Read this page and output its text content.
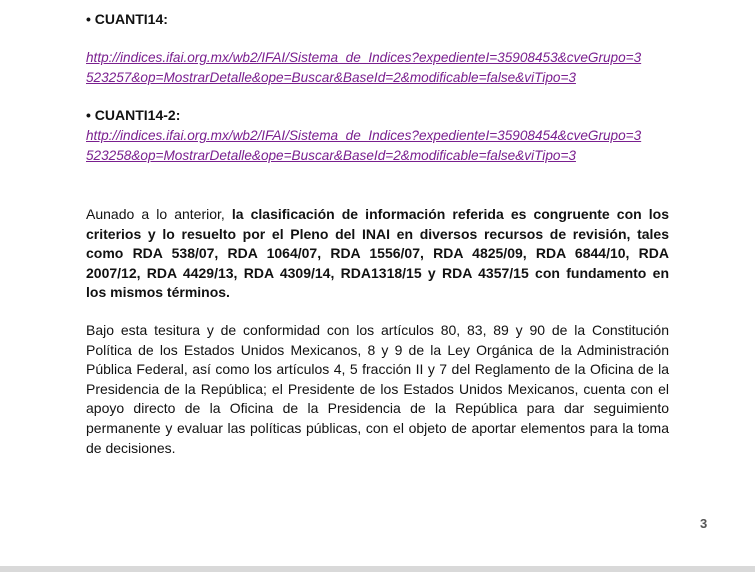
• CUANTI14:
http://indices.ifai.org.mx/wb2/IFAI/Sistema_de_Indices?expedienteI=35908453&cveGrupo=3
523257&op=MostrarDetalle&ope=Buscar&BaseId=2&modificable=false&viTipo=3
• CUANTI14-2:
http://indices.ifai.org.mx/wb2/IFAI/Sistema_de_Indices?expedienteI=35908454&cveGrupo=3
523258&op=MostrarDetalle&ope=Buscar&BaseId=2&modificable=false&viTipo=3
Aunado a lo anterior, la clasificación de información referida es congruente con los
criterios y lo resuelto por el Pleno del INAI en diversos recursos de revisión, tales
como RDA 538/07, RDA 1064/07, RDA 1556/07, RDA 4825/09, RDA 6844/10, RDA
2007/12, RDA 4429/13, RDA 4309/14, RDA1318/15 y RDA 4357/15 con fundamento en
los mismos términos.
Bajo esta tesitura y de conformidad con los artículos 80, 83, 89 y 90 de la Constitución
Política de los Estados Unidos Mexicanos, 8 y 9 de la Ley Orgánica de la Administración
Pública Federal, así como los artículos 4, 5 fracción II y 7 del Reglamento de la Oficina de la
Presidencia de la República; el Presidente de los Estados Unidos Mexicanos, cuenta con el
apoyo directo de la Oficina de la Presidencia de la República para dar seguimiento
permanente y evaluar las políticas públicas, con el objeto de aportar elementos para la toma
de decisiones.
3
